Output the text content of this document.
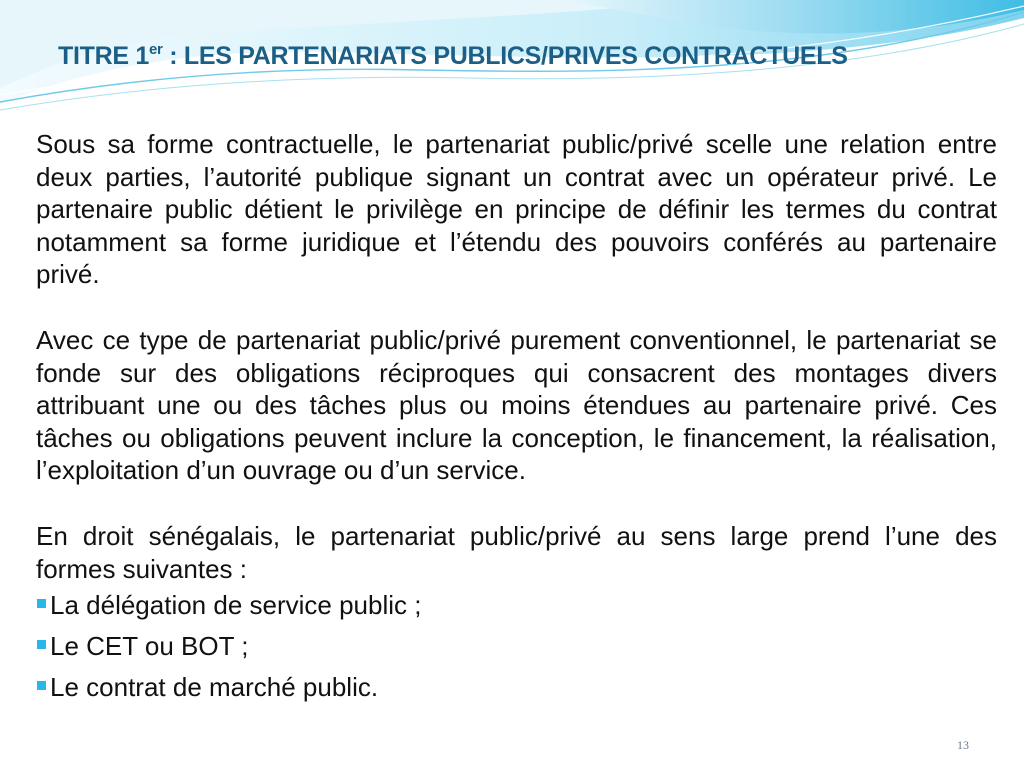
TITRE 1er : LES PARTENARIATS PUBLICS/PRIVES CONTRACTUELS

Sous sa forme contractuelle, le partenariat public/privé scelle une relation entre deux parties, l’autorité publique signant un contrat avec un opérateur privé. Le partenaire public détient le privilège en principe de définir les termes du contrat notamment sa forme juridique et l’étendu des pouvoirs conférés au partenaire privé.

Avec ce type de partenariat public/privé purement conventionnel, le partenariat se fonde sur des obligations réciproques qui consacrent des montages divers attribuant une ou des tâches plus ou moins étendues au partenaire privé. Ces tâches ou obligations peuvent inclure la conception, le financement, la réalisation, l’exploitation d’un ouvrage ou d’un service.

En droit sénégalais, le partenariat public/privé au sens large prend l’une des formes suivantes :

La délégation de service public ;
Le CET ou BOT ;
Le contrat de marché public.
13
